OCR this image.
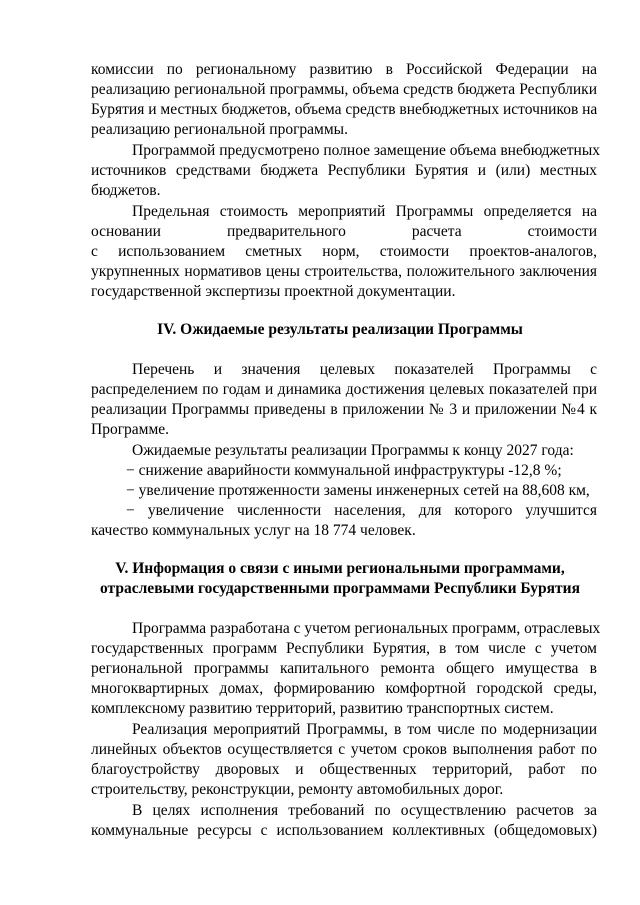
комиссии по региональному развитию в Российской Федерации на
реализацию региональной программы, объема средств бюджета Республики
Бурятия и местных бюджетов, объема средств внебюджетных источников на
реализацию региональной программы.
Программой предусмотрено полное замещение объема внебюджетных
источников средствами бюджета Республики Бурятия и (или) местных
бюджетов.
Предельная стоимость мероприятий Программы определяется на
основании предварительного расчета стоимости
с использованием сметных норм, стоимости проектов-аналогов,
укрупненных нормативов цены строительства, положительного заключения
государственной экспертизы проектной документации.
IV. Ожидаемые результаты реализации Программы
Перечень и значения целевых показателей Программы с
распределением по годам и динамика достижения целевых показателей при
реализации Программы приведены в приложении № 3 и приложении №4 к
Программе.
Ожидаемые результаты реализации Программы к концу 2027 года:
− снижение аварийности коммунальной инфраструктуры -12,8 %;
− увеличение протяженности замены инженерных сетей на 88,608 км,
− увеличение численности населения, для которого улучшится
качество коммунальных услуг на 18 774 человек.
V. Информация о связи с иными региональными программами,
отраслевыми государственными программами Республики Бурятия
Программа разработана с учетом региональных программ, отраслевых
государственных программ Республики Бурятия, в том числе с учетом
региональной программы капитального ремонта общего имущества в
многоквартирных домах, формированию комфортной городской среды,
комплексному развитию территорий, развитию транспортных систем.
Реализация мероприятий Программы, в том числе по модернизации
линейных объектов осуществляется с учетом сроков выполнения работ по
благоустройству дворовых и общественных территорий, работ по
строительству, реконструкции, ремонту автомобильных дорог.
В целях исполнения требований по осуществлению расчетов за
коммунальные ресурсы с использованием коллективных (общедомовых)
